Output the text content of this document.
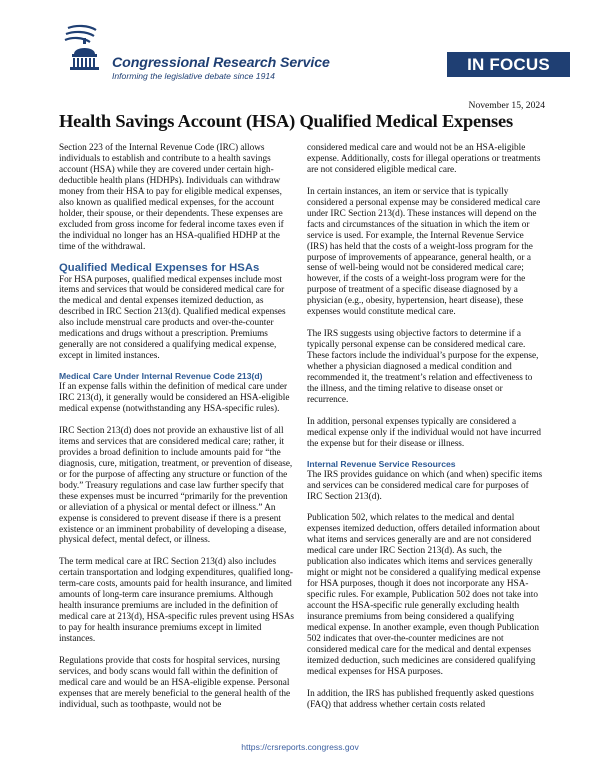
Congressional Research Service
Informing the legislative debate since 1914
IN FOCUS
November 15, 2024
Health Savings Account (HSA) Qualified Medical Expenses

Section 223 of the Internal Revenue Code (IRC) allows individuals to establish and contribute to a health savings account (HSA) while they are covered under certain high-deductible health plans (HDHPs). Individuals can withdraw money from their HSA to pay for eligible medical expenses, also known as qualified medical expenses, for the account holder, their spouse, or their dependents. These expenses are excluded from gross income for federal income taxes even if the individual no longer has an HSA-qualified HDHP at the time of the withdrawal.

Qualified Medical Expenses for HSAs

For HSA purposes, qualified medical expenses include most items and services that would be considered medical care for the medical and dental expenses itemized deduction, as described in IRC Section 213(d). Qualified medical expenses also include menstrual care products and over-the-counter medications and drugs without a prescription. Premiums generally are not considered a qualifying medical expense, except in limited instances.

Medical Care Under Internal Revenue Code 213(d)

If an expense falls within the definition of medical care under IRC 213(d), it generally would be considered an HSA-eligible medical expense (notwithstanding any HSA-specific rules).

IRC Section 213(d) does not provide an exhaustive list of all items and services that are considered medical care; rather, it provides a broad definition to include amounts paid for “the diagnosis, cure, mitigation, treatment, or prevention of disease, or for the purpose of affecting any structure or function of the body.” Treasury regulations and case law further specify that these expenses must be incurred “primarily for the prevention or alleviation of a physical or mental defect or illness.” An expense is considered to prevent disease if there is a present existence or an imminent probability of developing a disease, physical defect, mental defect, or illness.

The term medical care at IRC Section 213(d) also includes certain transportation and lodging expenditures, qualified long-term-care costs, amounts paid for health insurance, and limited amounts of long-term care insurance premiums. Although health insurance premiums are included in the definition of medical care at 213(d), HSA-specific rules prevent using HSAs to pay for health insurance premiums except in limited instances.

Regulations provide that costs for hospital services, nursing services, and body scans would fall within the definition of medical care and would be an HSA-eligible expense. Personal expenses that are merely beneficial to the general health of the individual, such as toothpaste, would not be

considered medical care and would not be an HSA-eligible expense. Additionally, costs for illegal operations or treatments are not considered eligible medical care.

In certain instances, an item or service that is typically considered a personal expense may be considered medical care under IRC Section 213(d). These instances will depend on the facts and circumstances of the situation in which the item or service is used. For example, the Internal Revenue Service (IRS) has held that the costs of a weight-loss program for the purpose of improvements of appearance, general health, or a sense of well-being would not be considered medical care; however, if the costs of a weight-loss program were for the purpose of treatment of a specific disease diagnosed by a physician (e.g., obesity, hypertension, heart disease), these expenses would constitute medical care.

The IRS suggests using objective factors to determine if a typically personal expense can be considered medical care. These factors include the individual’s purpose for the expense, whether a physician diagnosed a medical condition and recommended it, the treatment’s relation and effectiveness to the illness, and the timing relative to disease onset or recurrence.

In addition, personal expenses typically are considered a medical expense only if the individual would not have incurred the expense but for their disease or illness.

Internal Revenue Service Resources

The IRS provides guidance on which (and when) specific items and services can be considered medical care for purposes of IRC Section 213(d).

Publication 502, which relates to the medical and dental expenses itemized deduction, offers detailed information about what items and services generally are and are not considered medical care under IRC Section 213(d). As such, the publication also indicates which items and services generally might or might not be considered a qualifying medical expense for HSA purposes, though it does not incorporate any HSA-specific rules. For example, Publication 502 does not take into account the HSA-specific rule generally excluding health insurance premiums from being considered a qualifying medical expense. In another example, even though Publication 502 indicates that over-the-counter medicines are not considered medical care for the medical and dental expenses itemized deduction, such medicines are considered qualifying medical expenses for HSA purposes.

In addition, the IRS has published frequently asked questions (FAQ) that address whether certain costs related

https://crsreports.congress.gov
